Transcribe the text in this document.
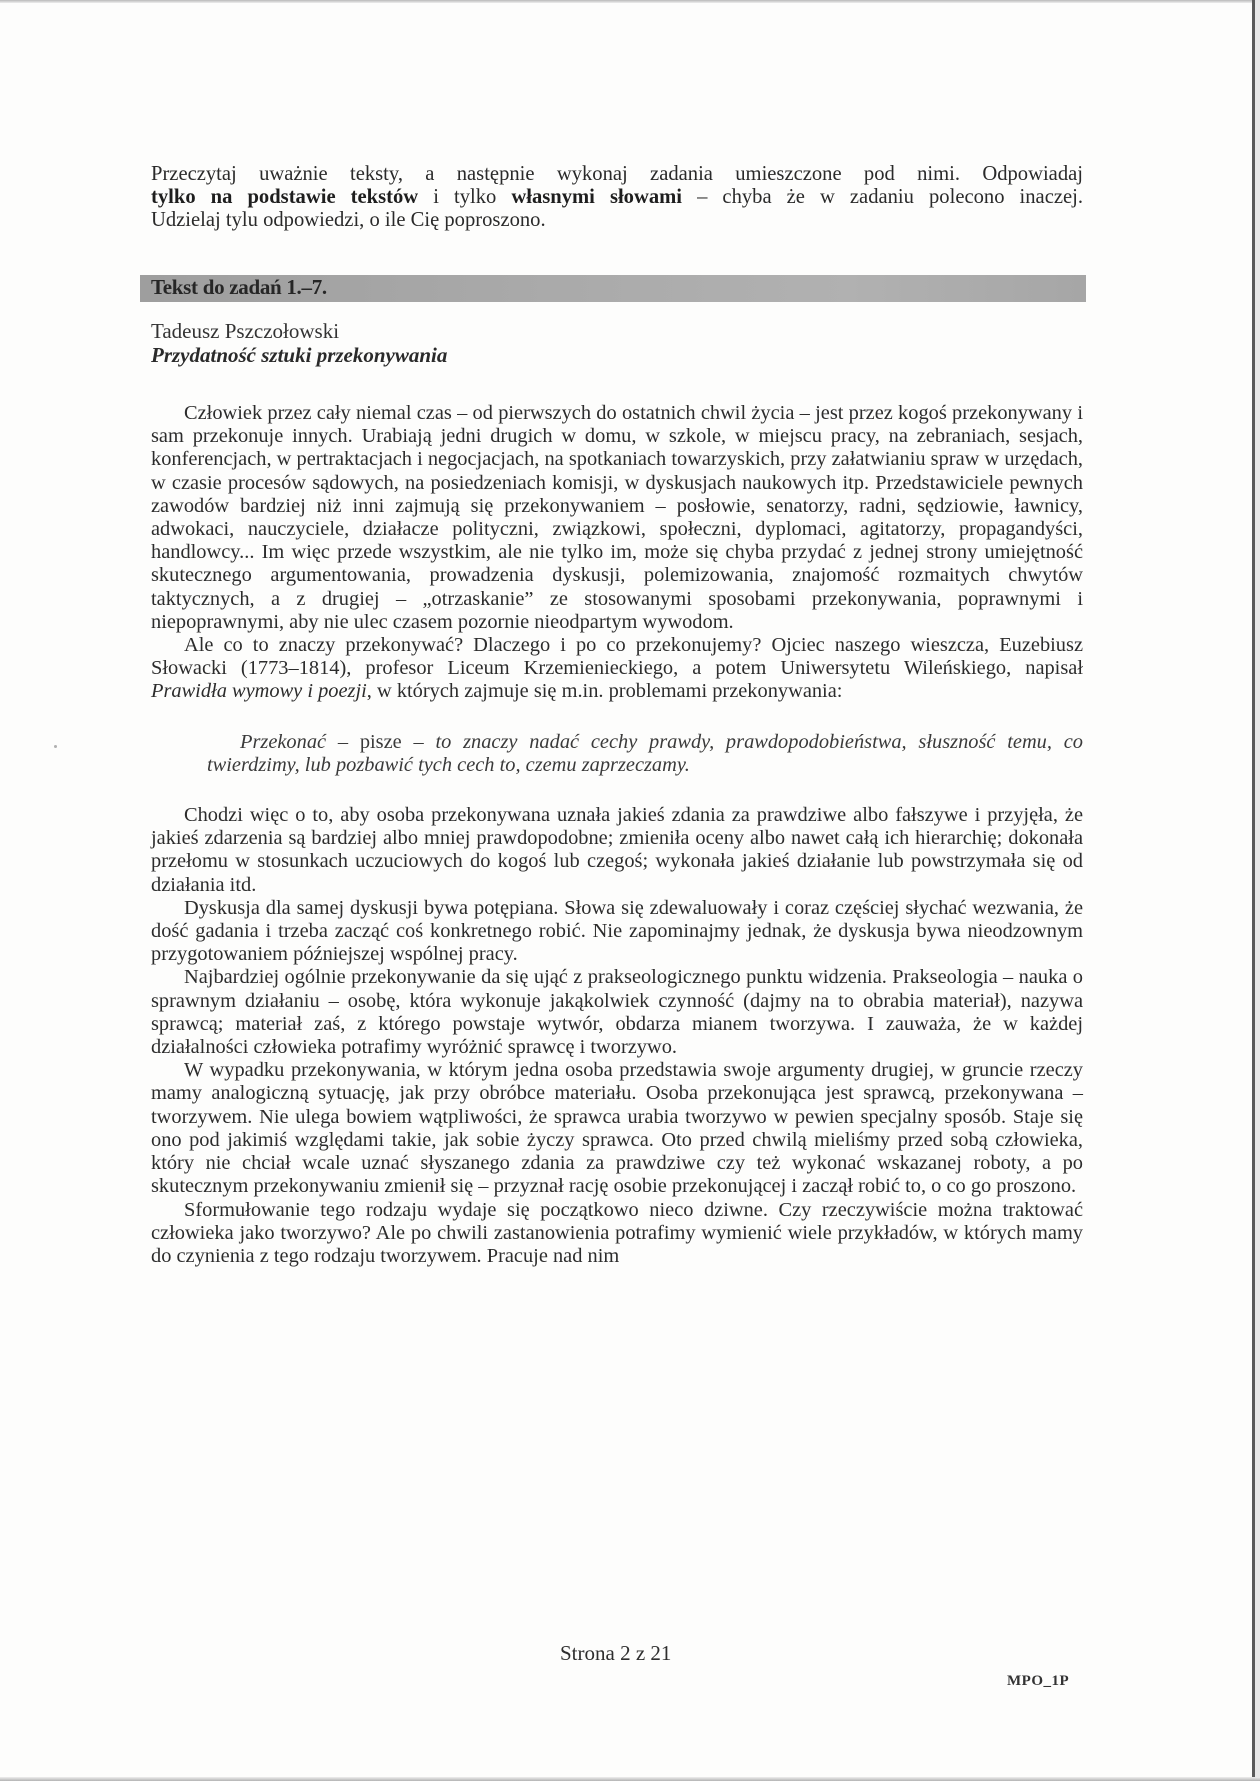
Przeczytaj uważnie teksty, a następnie wykonaj zadania umieszczone pod nimi. Odpowiadaj
tylko na podstawie tekstów i tylko własnymi słowami – chyba że w zadaniu polecono inaczej.
Udzielaj tylu odpowiedzi, o ile Cię poproszono.
Tekst do zadań 1.–7.
Tadeusz Pszczołowski
Przydatność sztuki przekonywania

Człowiek przez cały niemal czas – od pierwszych do ostatnich chwil życia – jest przez kogoś przekonywany i sam przekonuje innych. Urabiają jedni drugich w domu, w szkole, w miejscu pracy, na zebraniach, sesjach, konferencjach, w pertraktacjach i negocjacjach, na spotkaniach towarzyskich, przy załatwianiu spraw w urzędach, w czasie procesów sądowych, na posiedzeniach komisji, w dyskusjach naukowych itp. Przedstawiciele pewnych zawodów bardziej niż inni zajmują się przekonywaniem – posłowie, senatorzy, radni, sędziowie, ławnicy, adwokaci, nauczyciele, działacze polityczni, związkowi, społeczni, dyplomaci, agitatorzy, propagandyści, handlowcy... Im więc przede wszystkim, ale nie tylko im, może się chyba przydać z jednej strony umiejętność skutecznego argumentowania, prowadzenia dyskusji, polemizowania, znajomość rozmaitych chwytów taktycznych, a z drugiej – „otrzaskanie” ze stosowanymi sposobami przekonywania, poprawnymi i niepoprawnymi, aby nie ulec czasem pozornie nieodpartym wywodom.

Ale co to znaczy przekonywać? Dlaczego i po co przekonujemy? Ojciec naszego wieszcza, Euzebiusz Słowacki (1773–1814), profesor Liceum Krzemienieckiego, a potem Uniwersytetu Wileńskiego, napisał Prawidła wymowy i poezji, w których zajmuje się m.in. problemami przekonywania:

Przekonać – pisze – to znaczy nadać cechy prawdy, prawdopodobieństwa, słuszność temu, co twierdzimy, lub pozbawić tych cech to, czemu zaprzeczamy.

Chodzi więc o to, aby osoba przekonywana uznała jakieś zdania za prawdziwe albo fałszywe i przyjęła, że jakieś zdarzenia są bardziej albo mniej prawdopodobne; zmieniła oceny albo nawet całą ich hierarchię; dokonała przełomu w stosunkach uczuciowych do kogoś lub czegoś; wykonała jakieś działanie lub powstrzymała się od działania itd.

Dyskusja dla samej dyskusji bywa potępiana. Słowa się zdewaluowały i coraz częściej słychać wezwania, że dość gadania i trzeba zacząć coś konkretnego robić. Nie zapominajmy jednak, że dyskusja bywa nieodzownym przygotowaniem późniejszej wspólnej pracy.

Najbardziej ogólnie przekonywanie da się ująć z prakseologicznego punktu widzenia. Prakseologia – nauka o sprawnym działaniu – osobę, która wykonuje jakąkolwiek czynność (dajmy na to obrabia materiał), nazywa sprawcą; materiał zaś, z którego powstaje wytwór, obdarza mianem tworzywa. I zauważa, że w każdej działalności człowieka potrafimy wyróżnić sprawcę i tworzywo.

W wypadku przekonywania, w którym jedna osoba przedstawia swoje argumenty drugiej, w gruncie rzeczy mamy analogiczną sytuację, jak przy obróbce materiału. Osoba przekonująca jest sprawcą, przekonywana – tworzywem. Nie ulega bowiem wątpliwości, że sprawca urabia tworzywo w pewien specjalny sposób. Staje się ono pod jakimiś względami takie, jak sobie życzy sprawca. Oto przed chwilą mieliśmy przed sobą człowieka, który nie chciał wcale uznać słyszanego zdania za prawdziwe czy też wykonać wskazanej roboty, a po skutecznym przekonywaniu zmienił się – przyznał rację osobie przekonującej i zaczął robić to, o co go proszono.

Sformułowanie tego rodzaju wydaje się początkowo nieco dziwne. Czy rzeczywiście można traktować człowieka jako tworzywo? Ale po chwili zastanowienia potrafimy wymienić wiele przykładów, w których mamy do czynienia z tego rodzaju tworzywem. Pracuje nad nim

Strona 2 z 21
MPO_1P
